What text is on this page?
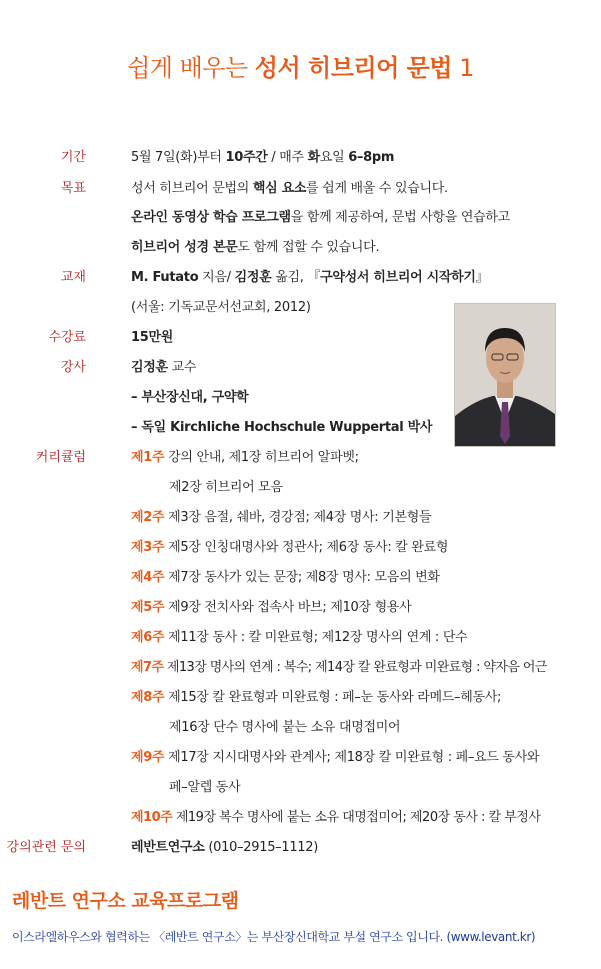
쉽게 배우는 성서 히브리어 문법 1
기간	5월 7일(화)부터 10주간 / 매주 화요일 6–8pm
목표	성서 히브리어 문법의 핵심 요소를 쉽게 배울 수 있습니다.
온라인 동영상 학습 프로그램을 함께 제공하여, 문법 사항을 연습하고
히브리어 성경 본문도 함께 접할 수 있습니다.
교재	M. Futato 지음/ 김정훈 옮김, 『구약성서 히브리어 시작하기』
(서울: 기독교문서선교회, 2012)
수강료	15만원
강사	김정훈 교수
– 부산장신대, 구약학
– 독일 Kirchliche Hochschule Wuppertal 박사
커리큘럼	제1주 강의 안내, 제1장 히브리어 알파벳;
제2장 히브리어 모음
제2주 제3장 음절, 쉐바, 경강점; 제4장 명사: 기본형들
제3주 제5장 인칭대명사와 정관사; 제6장 동사: 칼 완료형
제4주 제7장 동사가 있는 문장; 제8장 명사: 모음의 변화
제5주 제9장 전치사와 접속사 바브; 제10장 형용사
제6주 제11장 동사 : 칼 미완료형; 제12장 명사의 연계 : 단수
제7주 제13장 명사의 연계 : 복수; 제14장 칼 완료형과 미완료형 : 약자음 어근
제8주 제15장 칼 완료형과 미완료형 : 페–눈 동사와 라메드–헤동사;
제16장 단수 명사에 붙는 소유 대명접미어
제9주 제17장 지시대명사와 관계사; 제18장 칼 미완료형 : 페–요드 동사와
페–알렙 동사
제10주 제19장 복수 명사에 붙는 소유 대명접미어; 제20장 동사 : 칼 부정사
강의관련 문의	레반트연구소 (010–2915–1112)
레반트 연구소 교육프로그램
이스라엘하우스와 협력하는 〈레반트 연구소〉는 부산장신대학교 부설 연구소 입니다. (www.levant.kr)
